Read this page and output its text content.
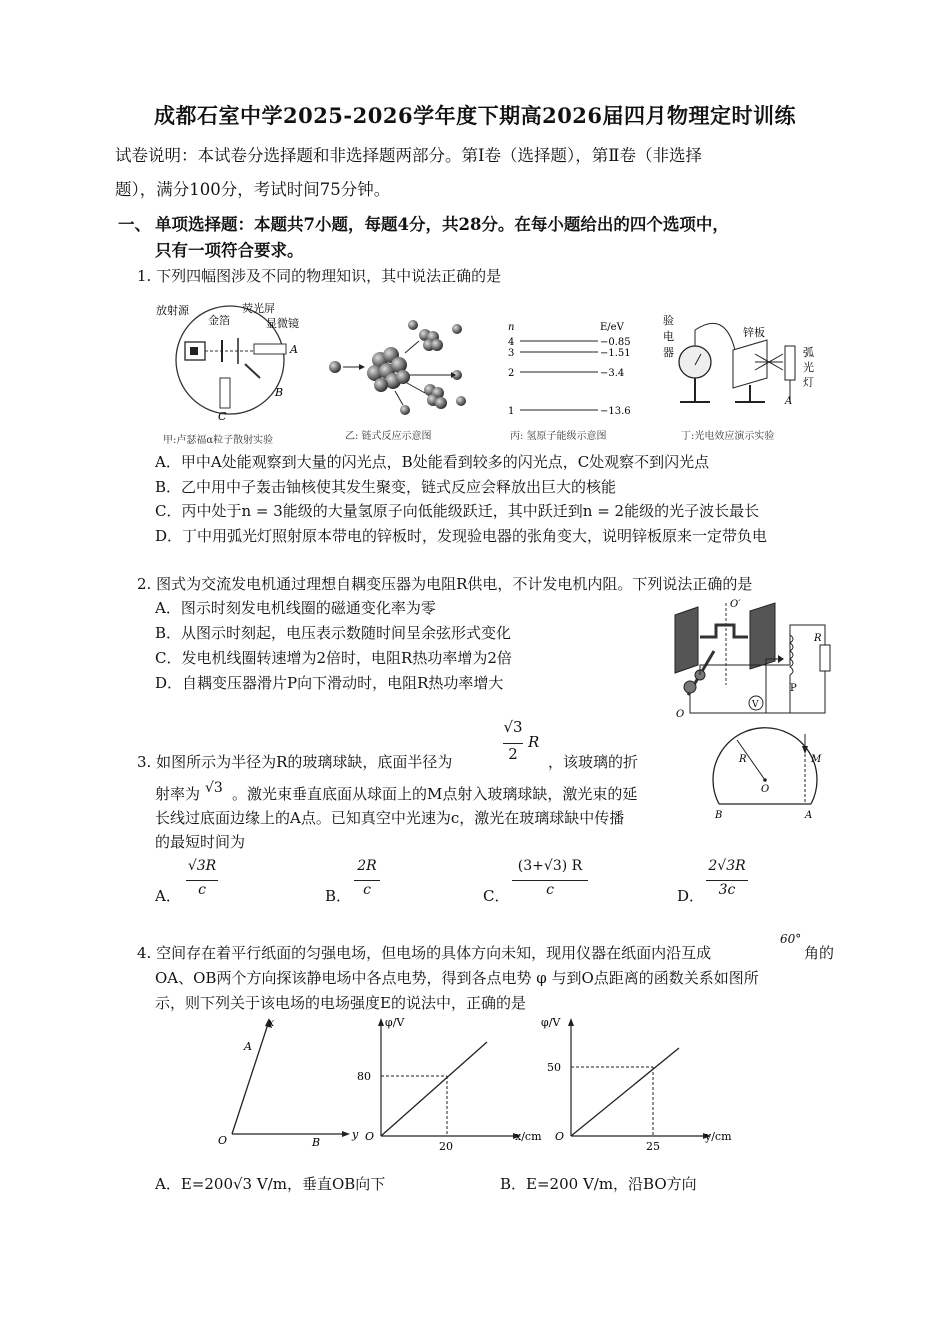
成都石室中学2025-2026学年度下期高2026届四月物理定时训练
试卷说明：本试卷分选择题和非选择题两部分。第Ⅰ卷（选择题），第Ⅱ卷（非选择
题），满分100分，考试时间75分钟。
一、 单项选择题：本题共7小题，每题4分，共28分。在每小题给出的四个选项中，
只有一项符合要求。
1. 下列四幅图涉及不同的物理知识，其中说法正确的是
放射源
金箔
荧光屏
显微镜
A
B
C
甲:卢瑟福α粒子散射实验	乙: 链式反应示意图
n	E/eV
4	−0.85
3	−1.51
2	−3.4
1	−13.6
丙: 氢原子能级示意图
验
电
器
锌板
弧
光
灯
A
丁:光电效应演示实验
A．甲中A处能观察到大量的闪光点，B处能看到较多的闪光点，C处观察不到闪光点
B．乙中用中子轰击铀核使其发生聚变，链式反应会释放出巨大的核能
C．丙中处于n = 3能级的大量氢原子向低能级跃迁，其中跃迁到n = 2能级的光子波长最长
D．丁中用弧光灯照射原本带电的锌板时，发现验电器的张角变大，说明锌板原来一定带负电
2. 图式为交流发电机通过理想自耦变压器为电阻R供电，不计发电机内阻。下列说法正确的是
A．图示时刻发电机线圈的磁通变化率为零
B．从图示时刻起，电压表示数随时间呈余弦形式变化
C．发电机线圈转速增为2倍时，电阻R热功率增为2倍
D．自耦变压器滑片P向下滑动时，电阻R热功率增大
O′
O
P
R
V
3. 如图所示为半径为R的玻璃球缺，底面半径为
√3
2
R
，该玻璃的折
射率为 √3 。激光束垂直底面从球面上的M点射入玻璃球缺，激光束的延
长线过底面边缘上的A点。已知真空中光速为c，激光在玻璃球缺中传播
的最短时间为
R
O
M
A
B
A．
√3R
c	B．
2R
c	C．
(3+√3) R
c	D．
2√3R
3c
4. 空间存在着平行纸面的匀强电场，但电场的具体方向未知，现用仪器在纸面内沿互成
60°
角的
OA、OB两个方向探该静电场中各点电势，得到各点电势 φ 与到O点距离的函数关系如图所
示，则下列关于该电场的电场强度E的说法中，正确的是
x
A
y
B
O
φ/V
80
20
x/cm
O
φ/V
50
25
y/cm
O
A．E=200√3 V/m，垂直OB向下	B．E=200 V/m，沿BO方向
